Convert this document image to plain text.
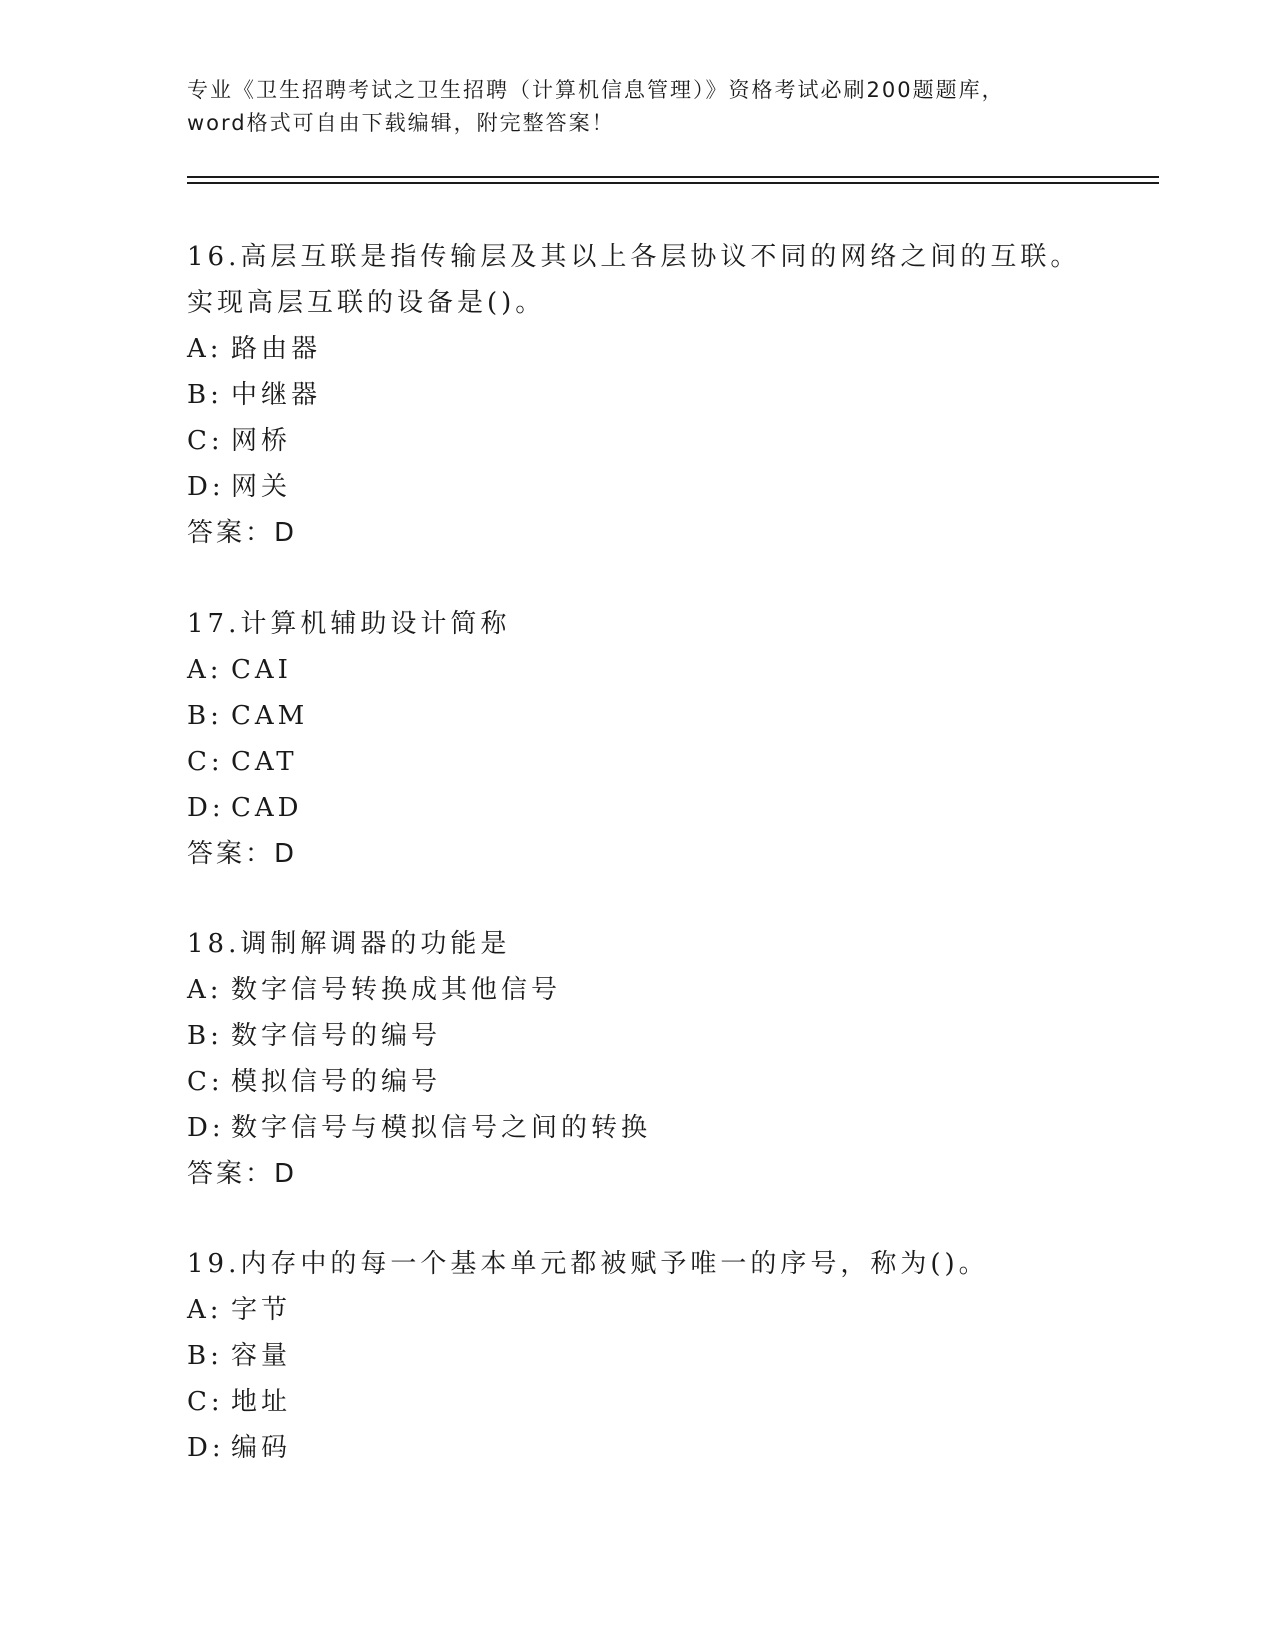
专业《卫生招聘考试之卫生招聘（计算机信息管理）》资格考试必刷200题题库，
word格式可自由下载编辑，附完整答案！

16.高层互联是指传输层及其以上各层协议不同的网络之间的互联。实现高层互联的设备是()。

A: 路由器

B: 中继器

C: 网桥

D: 网关

答案：D

17.计算机辅助设计简称

A: CAI

B: CAM

C: CAT

D: CAD

答案：D

18.调制解调器的功能是

A: 数字信号转换成其他信号

B: 数字信号的编号

C: 模拟信号的编号

D: 数字信号与模拟信号之间的转换

答案：D

19.内存中的每一个基本单元都被赋予唯一的序号，称为()。

A: 字节

B: 容量

C: 地址

D: 编码
